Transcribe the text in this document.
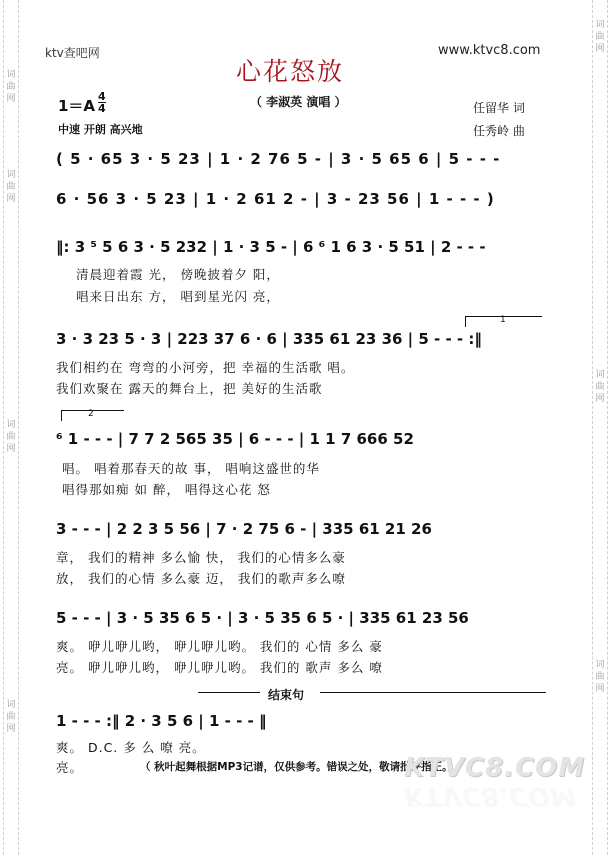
词
曲
网
词
曲
网
词
曲
网
词
曲
网
词
曲
网
词
曲
网
词
曲
网
ktv查吧网	www.ktvc8.com
心花怒放
（ 李淑英 演唱 ）
1＝A
4
4
中速 开朗 高兴地
任留华 词
任秀岭 曲
( 5 · 65 3 · 5 23 | 1 · 2 76 5 - | 3 · 5 65 6 | 5 - - -
6 · 56 3 · 5 23 | 1 · 2 61 2 - | 3 - 23 56 | 1 - - - )
‖: 3 ⁵ 5 6 3 · 5 232 | 1 · 3 5 - | 6 ⁶ 1 6 3 · 5 51 | 2 - - -
清晨迎着霞 光， 傍晚披着夕 阳，
唱来日出东 方， 唱到星光闪 亮，
1
3 · 3 23 5 · 3 | 223 37 6 · 6 | 335 61 23 36 | 5 - - - :‖
我们相约在 弯弯的小河旁，把 幸福的生活歌 唱。
我们欢聚在 露天的舞台上，把 美好的生活歌
2
⁶ 1 - - - | 7 7 2 565 35 | 6 - - - | 1 1 7 666 52
唱。 唱着那春天的故 事， 唱响这盛世的华
唱得那如痴 如 醉， 唱得这心花 怒
3 - - - | 2 2 3 5 56 | 7 · 2 75 6 - | 335 61 21 26
章， 我们的精神 多么愉 快， 我们的心情多么豪
放， 我们的心情 多么豪 迈， 我们的歌声多么嘹
5 - - - | 3 · 5 35 6 5 · | 3 · 5 35 6 5 · | 335 61 23 56
爽。 咿儿咿儿哟， 咿儿咿儿哟。 我们的 心情 多么 豪
亮。 咿儿咿儿哟， 咿儿咿儿哟。 我们的 歌声 多么 嘹
结束句
1 - - - :‖ 2 · 3 5 6 | 1 - - - ‖
爽。 D.C. 多 么 嘹 亮。
亮。	（ 秋叶起舞根据MP3记谱，仅供参考。错误之处，敬请批评指正。）
KTVC8.COM
KTVC8.COM
